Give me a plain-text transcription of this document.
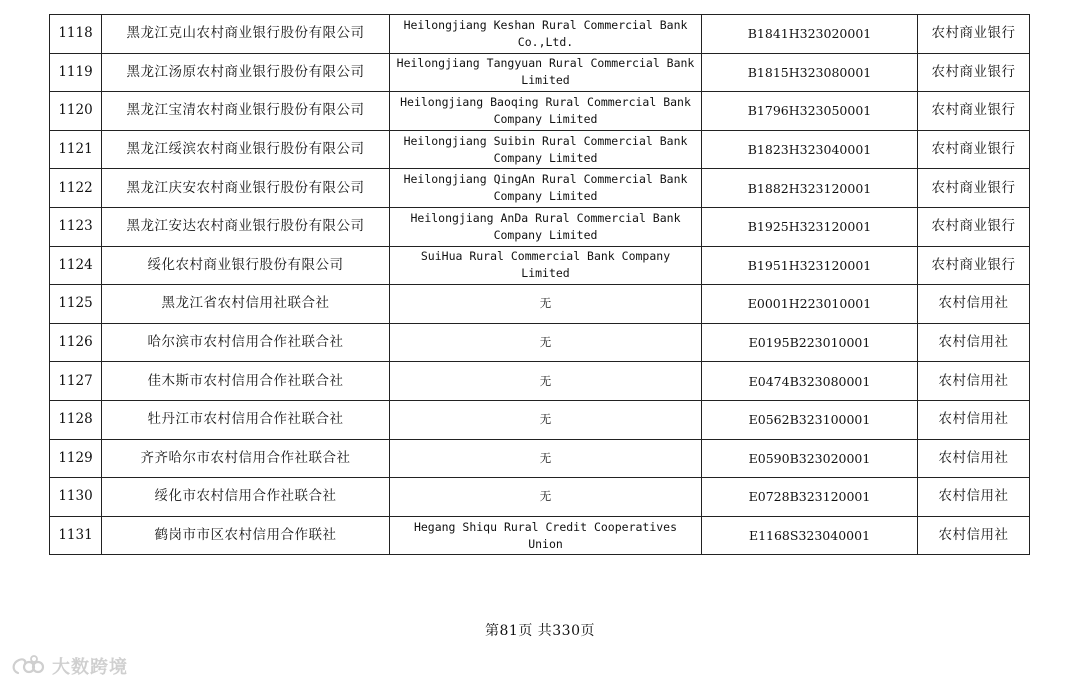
1118	黑龙江克山农村商业银行股份有限公司	Heilongjiang Keshan Rural Commercial Bank
Co.,Ltd.	B1841H323020001	农村商业银行
1119	黑龙江汤原农村商业银行股份有限公司	Heilongjiang Tangyuan Rural Commercial Bank
Limited	B1815H323080001	农村商业银行
1120	黑龙江宝清农村商业银行股份有限公司	Heilongjiang Baoqing Rural Commercial Bank
Company Limited	B1796H323050001	农村商业银行
1121	黑龙江绥滨农村商业银行股份有限公司	Heilongjiang Suibin Rural Commercial Bank
Company Limited	B1823H323040001	农村商业银行
1122	黑龙江庆安农村商业银行股份有限公司	Heilongjiang QingAn Rural Commercial Bank
Company Limited	B1882H323120001	农村商业银行
1123	黑龙江安达农村商业银行股份有限公司	Heilongjiang AnDa Rural Commercial Bank
Company Limited	B1925H323120001	农村商业银行
1124	绥化农村商业银行股份有限公司	SuiHua Rural Commercial Bank Company
Limited	B1951H323120001	农村商业银行
1125	黑龙江省农村信用社联合社	无	E0001H223010001	农村信用社
1126	哈尔滨市农村信用合作社联合社	无	E0195B223010001	农村信用社
1127	佳木斯市农村信用合作社联合社	无	E0474B323080001	农村信用社
1128	牡丹江市农村信用合作社联合社	无	E0562B323100001	农村信用社
1129	齐齐哈尔市农村信用合作社联合社	无	E0590B323020001	农村信用社
1130	绥化市农村信用合作社联合社	无	E0728B323120001	农村信用社
1131	鹤岗市市区农村信用合作联社	Hegang Shiqu Rural Credit Cooperatives
Union	E1168S323040001	农村信用社
第81页 共330页
大数跨境
